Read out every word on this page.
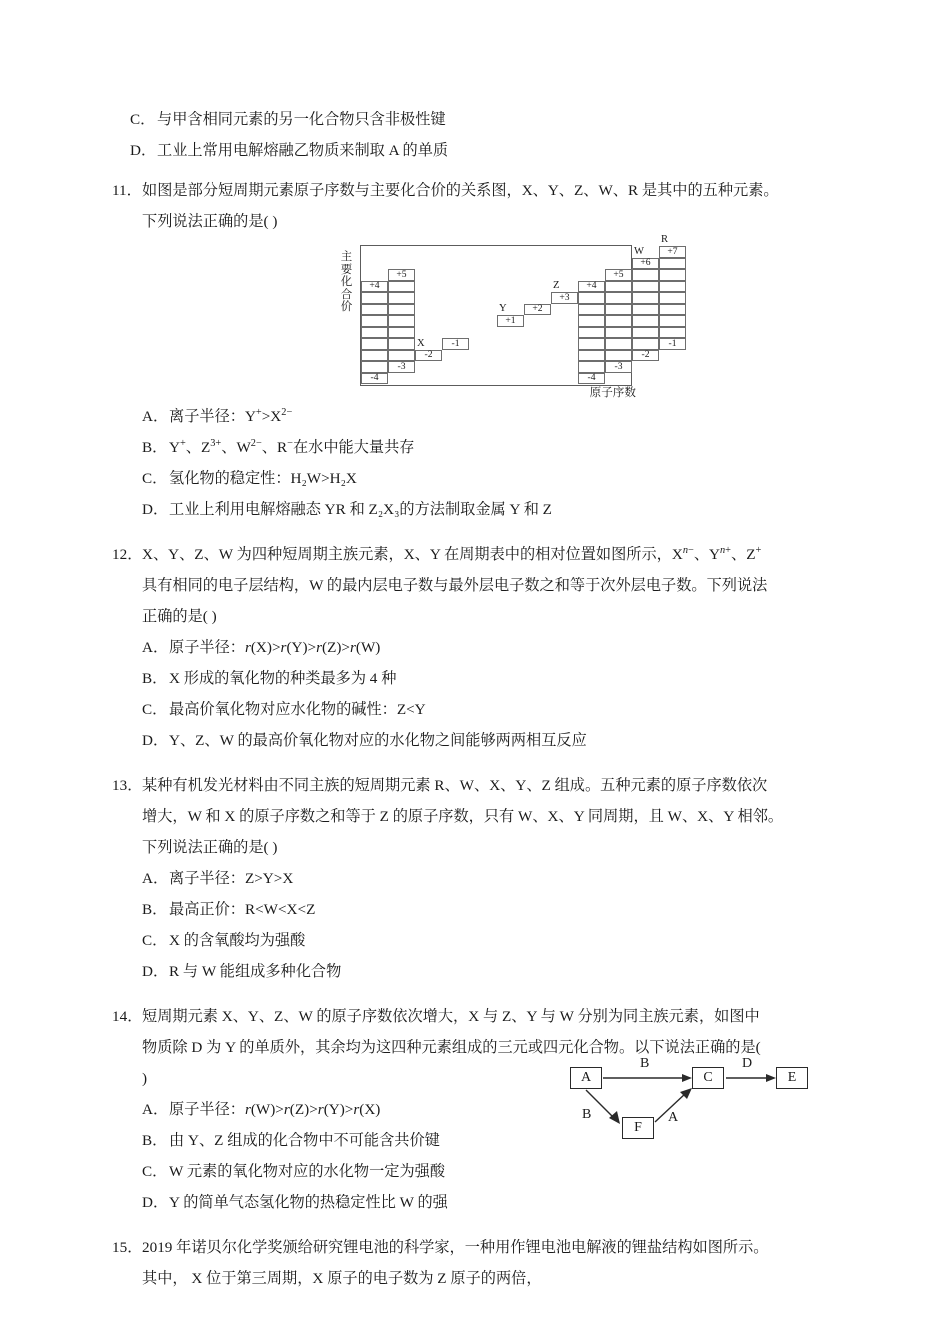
C． 与甲含相同元素的另一化合物只含非极性键
D．工业上常用电解熔融乙物质来制取 A 的单质
11．如图是部分短周期元素原子序数与主要化合价的关系图，X、Y、Z、W、R 是其中的五种元素。
下列说法正确的是( )
主
要
化
合
价
+4
-4
+5
-3
-2
X	-1
+1
Y	+2
+3
Z	+4
-4
+5
-3
+6
-2
W	+7
-1
R
原子序数
A．离子半径：$Y^+>X^{2-}$
B． Y+、$Z^{3+}$、$W^{2-}$、R−在水中能大量共存
C． 氢化物的稳定性：H₂W>H₂X
D．工业上利用电解熔融态 YR 和 Z₂X₃的方法制取金属 Y 和 Z
12．X、Y、Z、W 为四种短周期主族元素，X、Y 在周期表中的相对位置如图所示，$X^{n-}$、$Y^{n+}$、Z+
具有相同的电子层结构，W 的最内层电子数与最外层电子数之和等于次外层电子数。下列说法
正确的是( )
A．原子半径：r(X)>r(Y)>r(Z)>r(W)
B． X 形成的氧化物的种类最多为 4 种
C． 最高价氧化物对应水化物的碱性：Z<Y
D．Y、Z、W 的最高价氧化物对应的水化物之间能够两两相互反应
13．某种有机发光材料由不同主族的短周期元素 R、W、X、Y、Z 组成。五种元素的原子序数依次
增大，W 和 X 的原子序数之和等于 Z 的原子序数，只有 W、X、Y 同周期，且 W、X、Y 相邻。
下列说法正确的是( )
A．离子半径：Z>Y>X
B． 最高正价：R<W<X<Z
C． X 的含氧酸均为强酸
D．R 与 W 能组成多种化合物
14．短周期元素 X、Y、Z、W 的原子序数依次增大，X 与 Z、Y 与 W 分别为同主族元素，如图中
物质除 D 为 Y 的单质外，其余均为这四种元素组成的三元或四元化合物。以下说法正确的是(
)
A．原子半径：r(W)>r(Z)>r(Y)>r(X)
B． 由 Y、Z 组成的化合物中不可能含共价键
C． W 元素的氧化物对应的水化物一定为强酸
D．Y 的简单气态氢化物的热稳定性比 W 的强
15．2019 年诺贝尔化学奖颁给研究锂电池的科学家，一种用作锂电池电解液的锂盐结构如图所示。
其中， X 位于第三周期，X 原子的电子数为 Z 原子的两倍，
A	C	E
F
B	D
B	A
